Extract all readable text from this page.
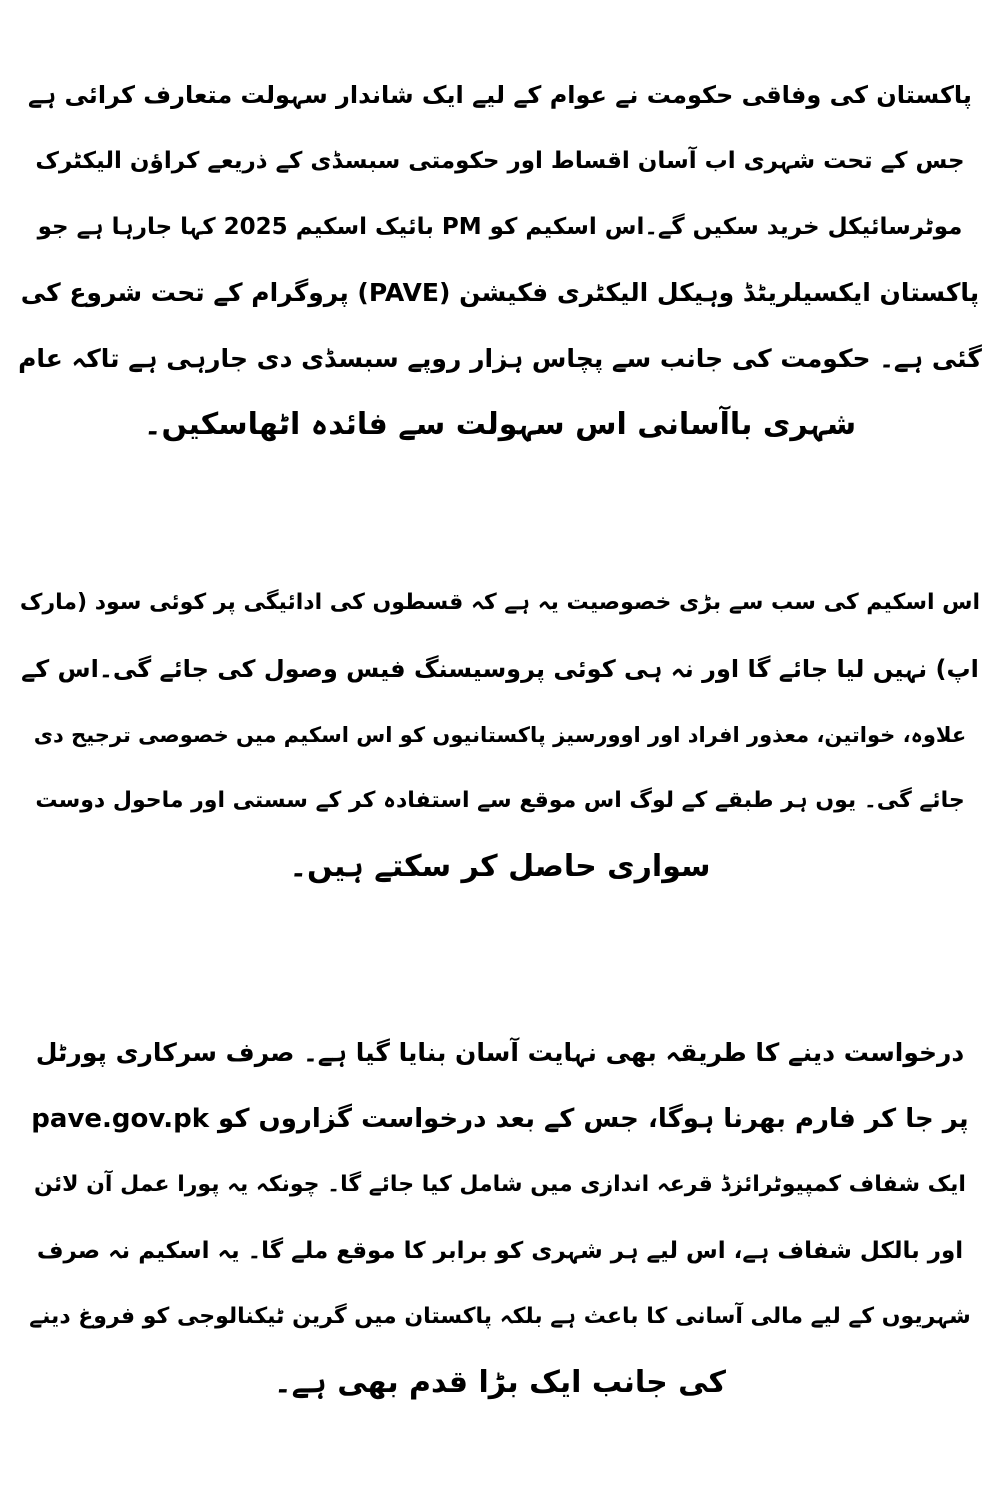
پاکستان کی وفاقی حکومت نے عوام کے لیے ایک شاندار سہولت متعارف کرائی ہے
جس کے تحت شہری اب آسان اقساط اور حکومتی سبسڈی کے ذریعے کراؤن الیکٹرک
موٹرسائیکل خرید سکیں گے۔اس اسکیم کو PM بائیک اسکیم 2025 کہا جارہا ہے جو
پاکستان ایکسیلریٹڈ وہیکل الیکٹری فکیشن (PAVE) پروگرام کے تحت شروع کی
گئی ہے۔ حکومت کی جانب سے پچاس ہزار روپے سبسڈی دی جارہی ہے تاکہ عام
شہری باآسانی اس سہولت سے فائدہ اٹھاسکیں۔
اس اسکیم کی سب سے بڑی خصوصیت یہ ہے کہ قسطوں کی ادائیگی پر کوئی سود (مارک
اپ) نہیں لیا جائے گا اور نہ ہی کوئی پروسیسنگ فیس وصول کی جائے گی۔اس کے
علاوہ، خواتین، معذور افراد اور اوورسیز پاکستانیوں کو اس اسکیم میں خصوصی ترجیح دی
جائے گی۔ یوں ہر طبقے کے لوگ اس موقع سے استفادہ کر کے سستی اور ماحول دوست
سواری حاصل کر سکتے ہیں۔
درخواست دینے کا طریقہ بھی نہایت آسان بنایا گیا ہے۔ صرف سرکاری پورٹل
pave.gov.pk پر جا کر فارم بھرنا ہوگا، جس کے بعد درخواست گزاروں کو
ایک شفاف کمپیوٹرائزڈ قرعہ اندازی میں شامل کیا جائے گا۔ چونکہ یہ پورا عمل آن لائن
اور بالکل شفاف ہے، اس لیے ہر شہری کو برابر کا موقع ملے گا۔ یہ اسکیم نہ صرف
شہریوں کے لیے مالی آسانی کا باعث ہے بلکہ پاکستان میں گرین ٹیکنالوجی کو فروغ دینے
کی جانب ایک بڑا قدم بھی ہے۔
